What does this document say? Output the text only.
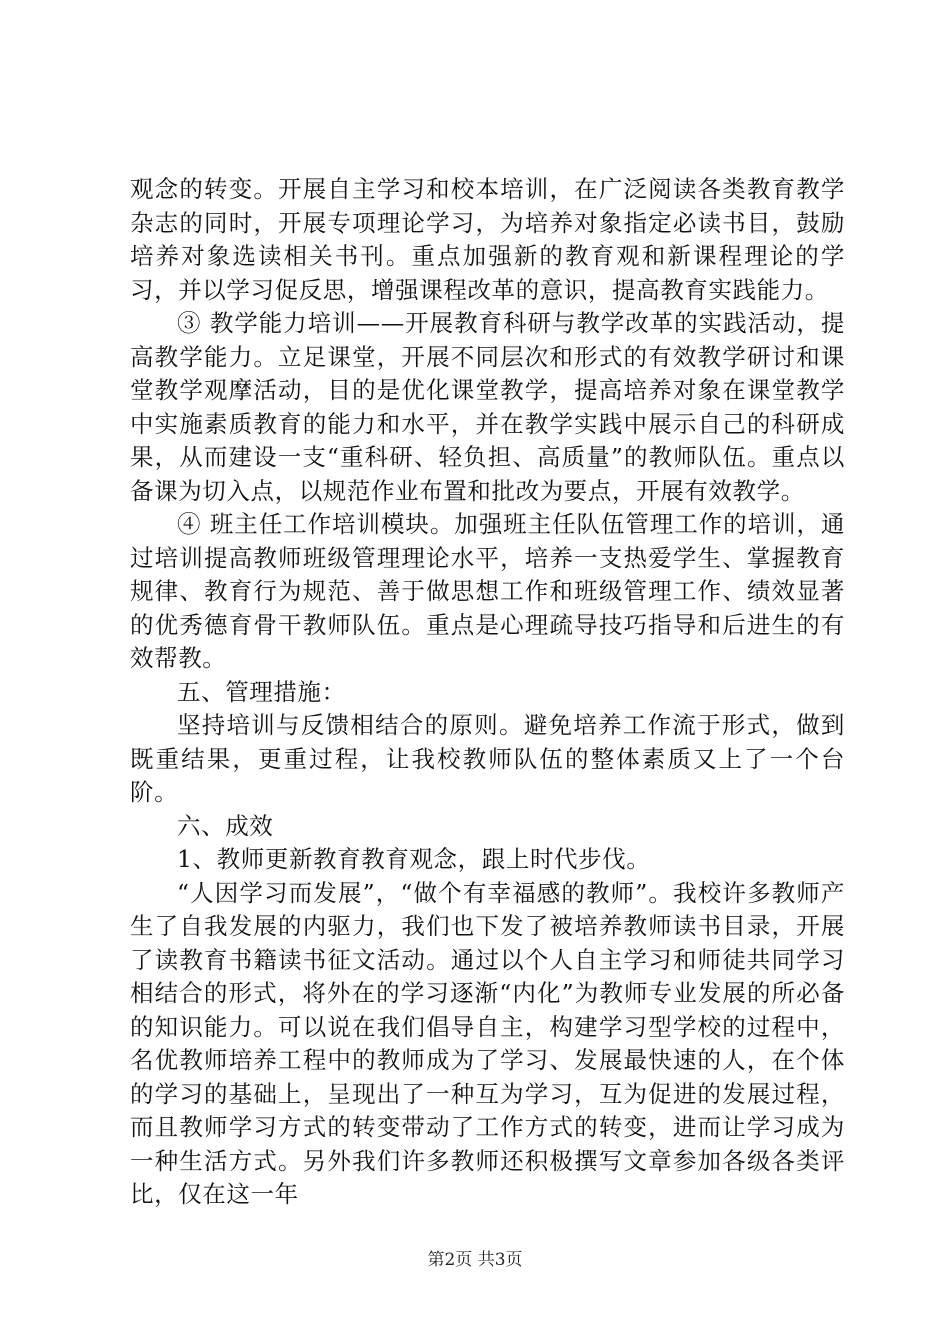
观念的转变。开展自主学习和校本培训，在广泛阅读各类教育教学杂志的同时，开展专项理论学习，为培养对象指定必读书目，鼓励培养对象选读相关书刊。重点加强新的教育观和新课程理论的学习，并以学习促反思，增强课程改革的意识，提高教育实践能力。

③ 教学能力培训——开展教育科研与教学改革的实践活动，提高教学能力。立足课堂，开展不同层次和形式的有效教学研讨和课堂教学观摩活动，目的是优化课堂教学，提高培养对象在课堂教学中实施素质教育的能力和水平，并在教学实践中展示自己的科研成果，从而建设一支“重科研、轻负担、高质量”的教师队伍。重点以备课为切入点，以规范作业布置和批改为要点，开展有效教学。

④ 班主任工作培训模块。加强班主任队伍管理工作的培训，通过培训提高教师班级管理理论水平，培养一支热爱学生、掌握教育规律、教育行为规范、善于做思想工作和班级管理工作、绩效显著的优秀德育骨干教师队伍。重点是心理疏导技巧指导和后进生的有效帮教。

五、管理措施：

坚持培训与反馈相结合的原则。避免培养工作流于形式，做到既重结果，更重过程，让我校教师队伍的整体素质又上了一个台阶。

六、成效

1、教师更新教育教育观念，跟上时代步伐。

“人因学习而发展”，“做个有幸福感的教师”。我校许多教师产生了自我发展的内驱力，我们也下发了被培养教师读书目录，开展了读教育书籍读书征文活动。通过以个人自主学习和师徒共同学习相结合的形式，将外在的学习逐渐“内化”为教师专业发展的所必备的知识能力。可以说在我们倡导自主，构建学习型学校的过程中，名优教师培养工程中的教师成为了学习、发展最快速的人，在个体的学习的基础上，呈现出了一种互为学习，互为促进的发展过程，而且教师学习方式的转变带动了工作方式的转变，进而让学习成为一种生活方式。另外我们许多教师还积极撰写文章参加各级各类评比，仅在这一年

第2页 共3页
